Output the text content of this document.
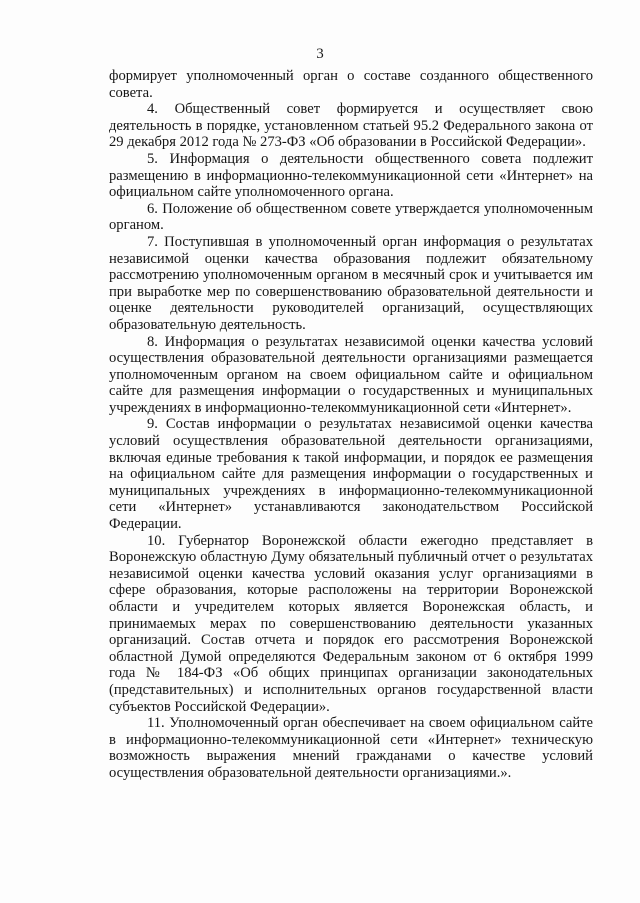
3

формирует уполномоченный орган о составе созданного общественного совета.

4. Общественный совет формируется и осуществляет свою деятельность в порядке, установленном статьей 95.2 Федерального закона от 29 декабря 2012 года № 273-ФЗ «Об образовании в Российской Федерации».

5. Информация о деятельности общественного совета подлежит размещению в информационно-телекоммуникационной сети «Интернет» на официальном сайте уполномоченного органа.

6. Положение об общественном совете утверждается уполномоченным органом.

7. Поступившая в уполномоченный орган информация о результатах независимой оценки качества образования подлежит обязательному рассмотрению уполномоченным органом в месячный срок и учитывается им при выработке мер по совершенствованию образовательной деятельности и оценке деятельности руководителей организаций, осуществляющих образовательную деятельность.

8. Информация о результатах независимой оценки качества условий осуществления образовательной деятельности организациями размещается уполномоченным органом на своем официальном сайте и официальном сайте для размещения информации о государственных и муниципальных учреждениях в информационно-телекоммуникационной сети «Интернет».

9. Состав информации о результатах независимой оценки качества условий осуществления образовательной деятельности организациями, включая единые требования к такой информации, и порядок ее размещения на официальном сайте для размещения информации о государственных и муниципальных учреждениях в информационно-телекоммуникационной сети «Интернет» устанавливаются законодательством Российской Федерации.

10. Губернатор Воронежской области ежегодно представляет в Воронежскую областную Думу обязательный публичный отчет о результатах независимой оценки качества условий оказания услуг организациями в сфере образования, которые расположены на территории Воронежской области и учредителем которых является Воронежская область, и принимаемых мерах по совершенствованию деятельности указанных организаций. Состав отчета и порядок его рассмотрения Воронежской областной Думой определяются Федеральным законом от 6 октября 1999 года № 184-ФЗ «Об общих принципах организации законодательных (представительных) и исполнительных органов государственной власти субъектов Российской Федерации».

11. Уполномоченный орган обеспечивает на своем официальном сайте в информационно-телекоммуникационной сети «Интернет» техническую возможность выражения мнений гражданами о качестве условий осуществления образовательной деятельности организациями.».
